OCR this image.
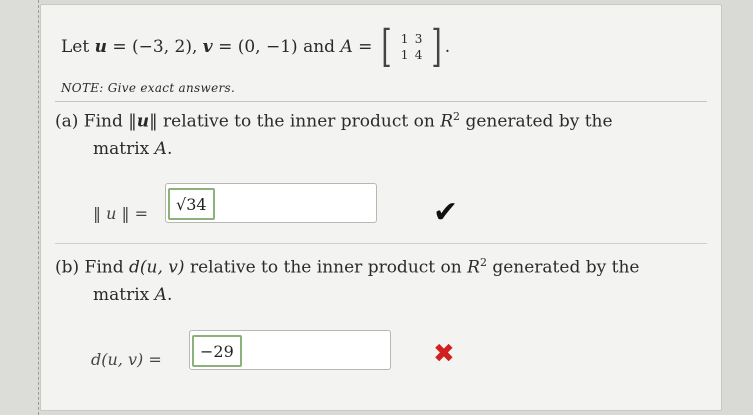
Let
u
= (−3, 2),
v
= (0, −1) and
A
= [ 1 3
1 4 ] .
NOTE: Give exact answers.
(a) Find ‖u‖ relative to the inner product on $R^2$ generated by the
matrix A.
‖ u ‖ =	√34	✔
(b) Find d(u, v) relative to the inner product on $R^2$ generated by the
matrix A.
d(u, v) =	−29	✖
